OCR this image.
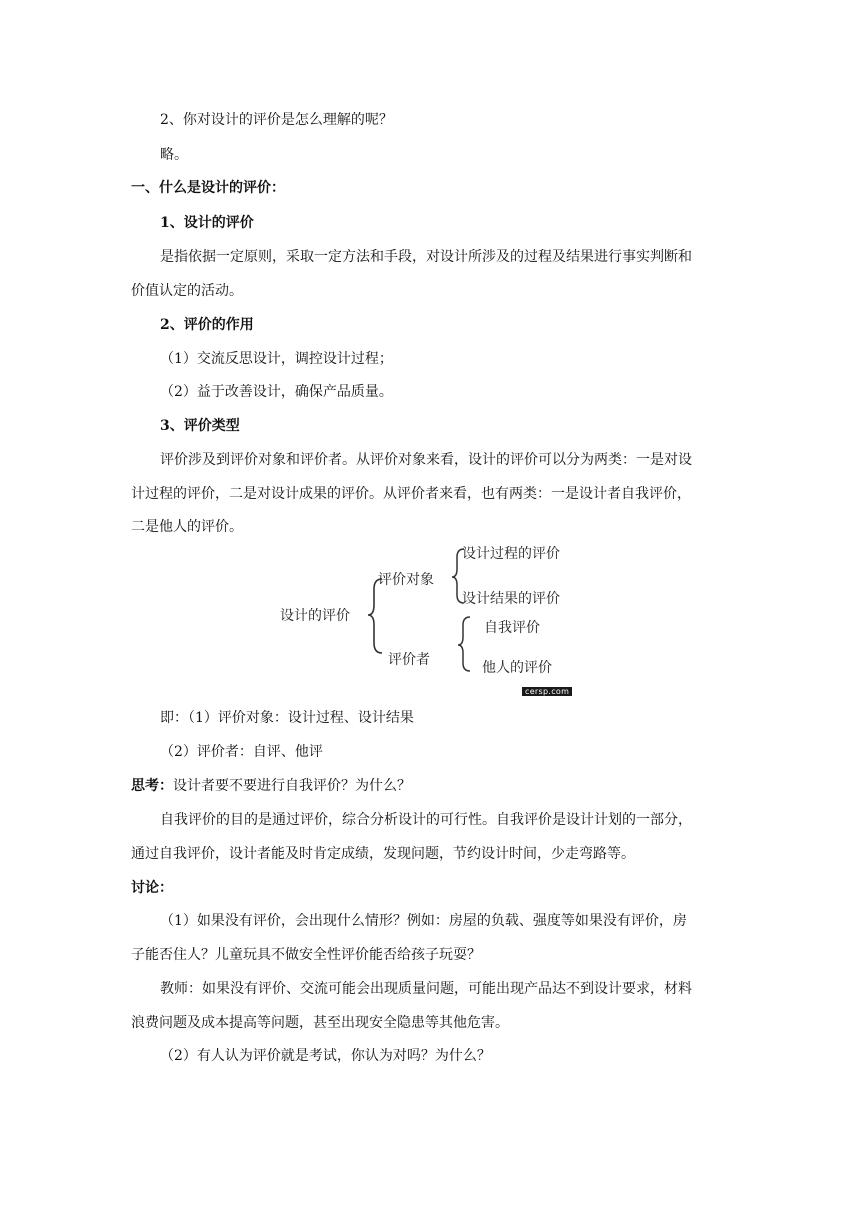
2、你对设计的评价是怎么理解的呢？
略。
一、什么是设计的评价：
1、设计的评价
是指依据一定原则，采取一定方法和手段，对设计所涉及的过程及结果进行事实判断和
价值认定的活动。
2、评价的作用
（1）交流反思设计，调控设计过程；
（2）益于改善设计，确保产品质量。
3、评价类型
评价涉及到评价对象和评价者。从评价对象来看，设计的评价可以分为两类：一是对设
计过程的评价，二是对设计成果的评价。从评价者来看，也有两类：一是设计者自我评价，
二是他人的评价。
设计的评价
评价对象
设计过程的评价
设计结果的评价
评价者
自我评价
他人的评价
cersp.com
即：（1）评价对象：设计过程、设计结果
（2）评价者：自评、他评
思考：设计者要不要进行自我评价？为什么？
自我评价的目的是通过评价，综合分析设计的可行性。自我评价是设计计划的一部分，
通过自我评价，设计者能及时肯定成绩，发现问题，节约设计时间，少走弯路等。
讨论：
（1）如果没有评价，会出现什么情形？例如：房屋的负载、强度等如果没有评价，房
子能否住人？儿童玩具不做安全性评价能否给孩子玩耍？
教师：如果没有评价、交流可能会出现质量问题，可能出现产品达不到设计要求，材料
浪费问题及成本提高等问题，甚至出现安全隐患等其他危害。
（2）有人认为评价就是考试，你认为对吗？为什么？
